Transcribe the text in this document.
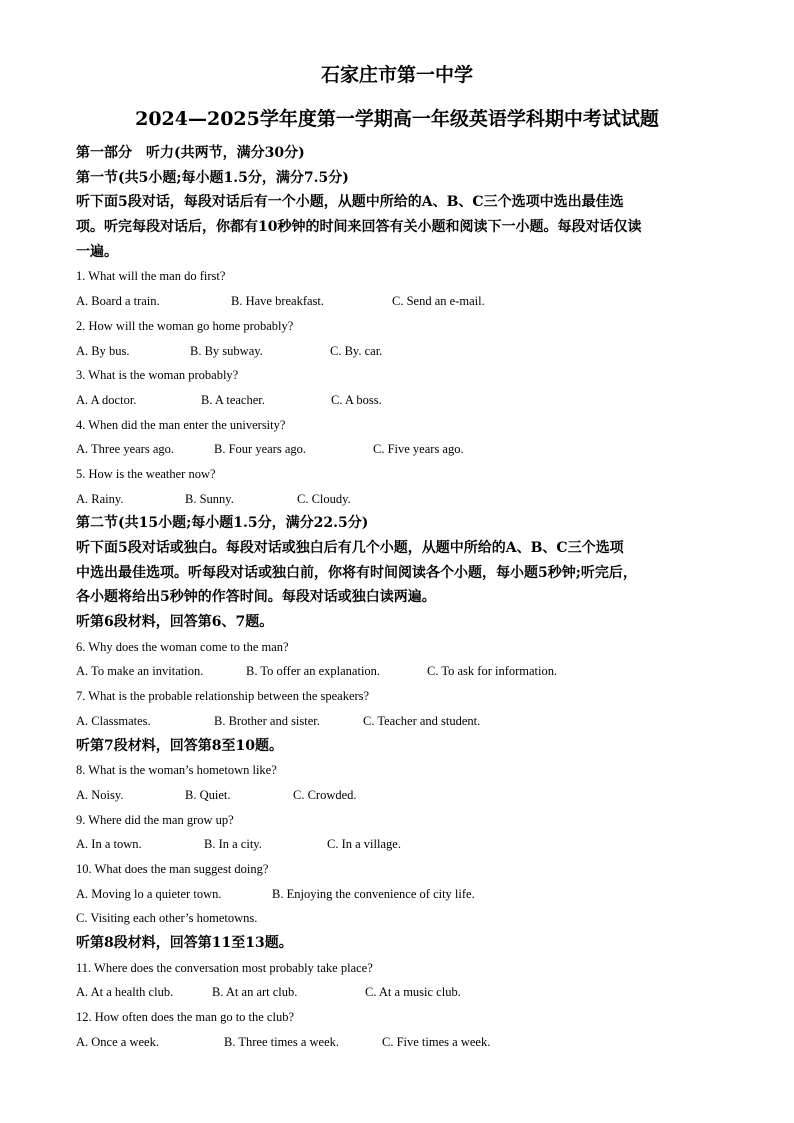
石家庄市第一中学
2024—2025学年度第一学期高一年级英语学科期中考试试题
第一部分　听力(共两节，满分30分)
第一节(共5小题;每小题1.5分，满分7.5分)
听下面5段对话，每段对话后有一个小题，从题中所给的A、B、C三个选项中选出最佳选
项。听完每段对话后，你都有10秒钟的时间来回答有关小题和阅读下一小题。每段对话仅读
一遍。
1. What will the man do first?
A. Board a train.	B. Have breakfast.	C. Send an e-mail.
2. How will the woman go home probably?
A. By bus.	B. By subway.	C. By. car.
3. What is the woman probably?
A. A doctor.	B. A teacher.	C. A boss.
4. When did the man enter the university?
A. Three years ago.	B. Four years ago.	C. Five years ago.
5. How is the weather now?
A. Rainy.	B. Sunny.	C. Cloudy.
第二节(共15小题;每小题1.5分，满分22.5分)
听下面5段对话或独白。每段对话或独白后有几个小题，从题中所给的A、B、C三个选项
中选出最佳选项。听每段对话或独白前，你将有时间阅读各个小题，每小题5秒钟;听完后，
各小题将给出5秒钟的作答时间。每段对话或独白读两遍。
听第6段材料，回答第6、7题。
6. Why does the woman come to the man?
A. To make an invitation.	B. To offer an explanation.	C. To ask for information.
7. What is the probable relationship between the speakers?
A. Classmates.	B. Brother and sister.	C. Teacher and student.
听第7段材料，回答第8至10题。
8. What is the woman’s hometown like?
A. Noisy.	B. Quiet.	C. Crowded.
9. Where did the man grow up?
A. In a town.	B. In a city.	C. In a village.
10. What does the man suggest doing?
A. Moving lo a quieter town.	B. Enjoying the convenience of city life.
C. Visiting each other’s hometowns.
听第8段材料，回答第11至13题。
11. Where does the conversation most probably take place?
A. At a health club.	B. At an art club.	C. At a music club.
12. How often does the man go to the club?
A. Once a week.	B. Three times a week.	C. Five times a week.
